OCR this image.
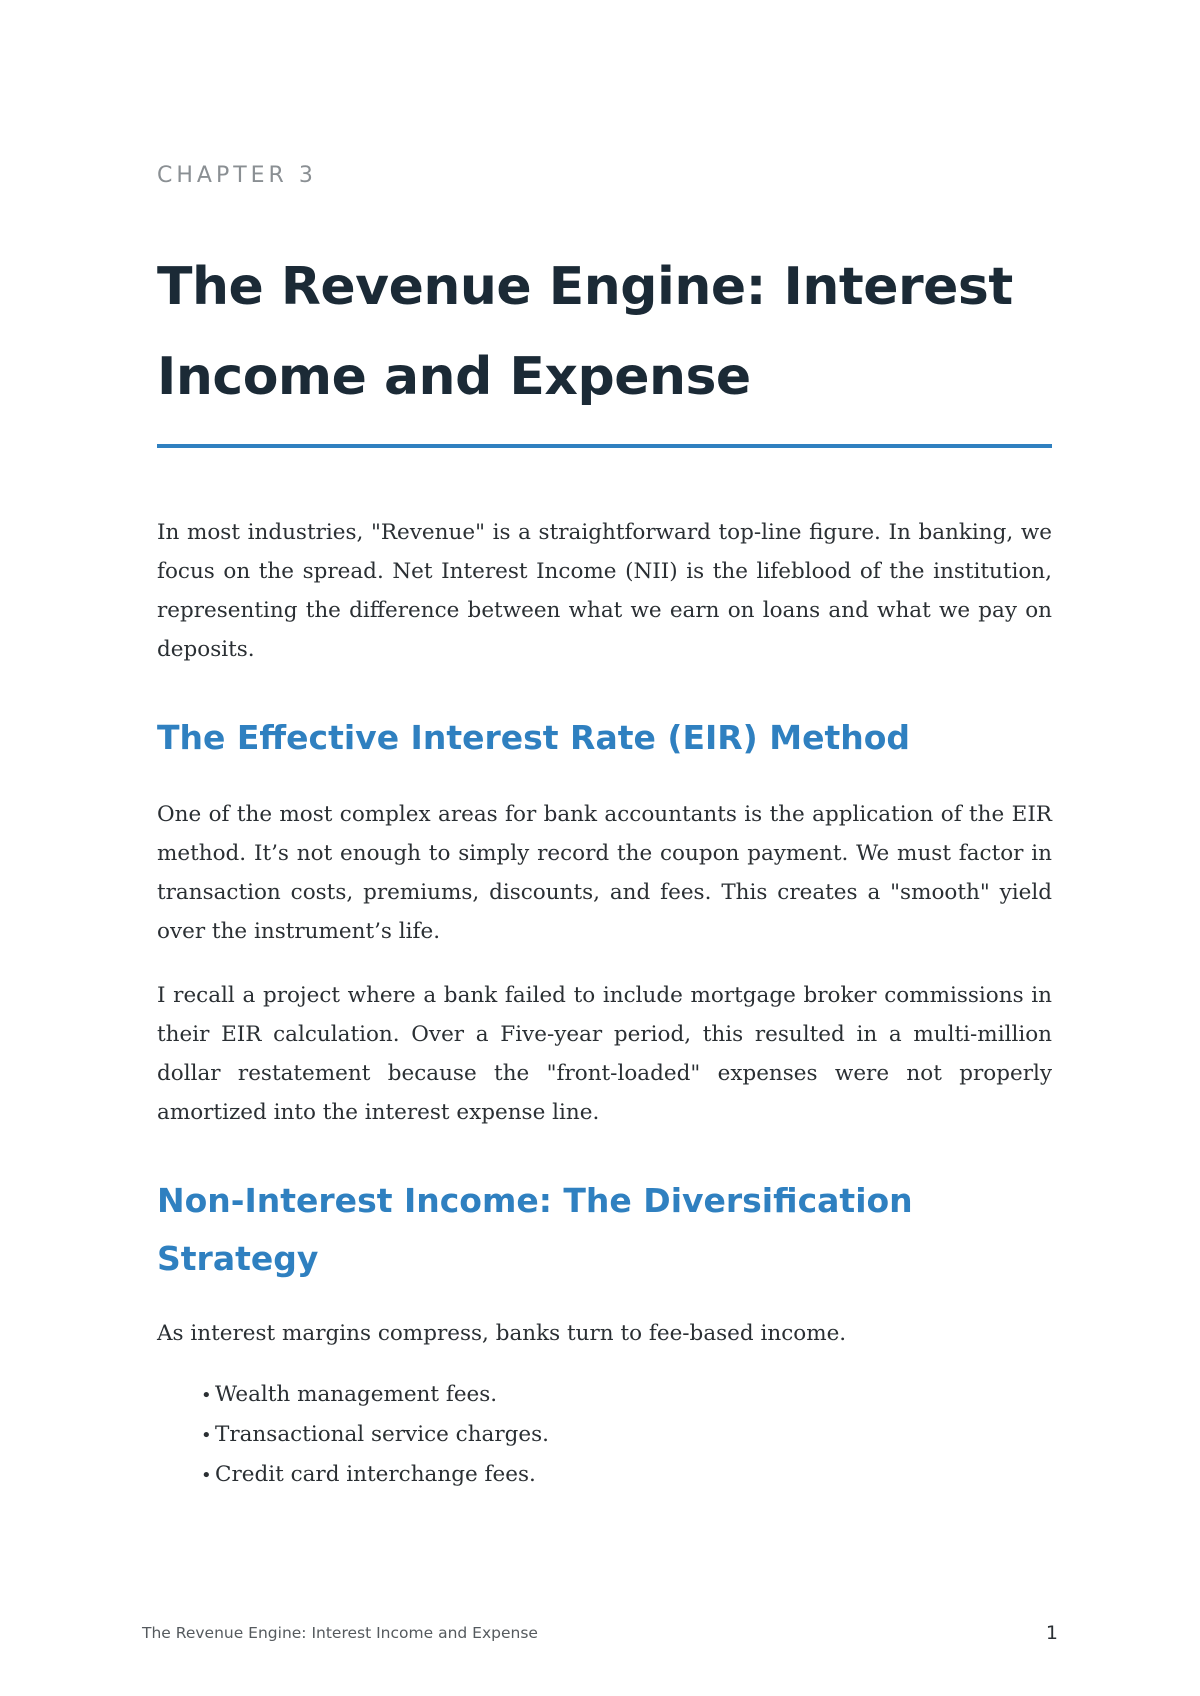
CHAPTER 3

The Revenue Engine: Interest Income and Expense

In most industries, "Revenue" is a straightforward top-line figure. In banking, we focus on the spread. Net Interest Income (NII) is the lifeblood of the institution, representing the difference between what we earn on loans and what we pay on deposits.

The Effective Interest Rate (EIR) Method

One of the most complex areas for bank accountants is the application of the EIR method. It’s not enough to simply record the coupon payment. We must factor in transaction costs, premiums, discounts, and fees. This creates a "smooth" yield over the instrument’s life.

I recall a project where a bank failed to include mortgage broker commissions in their EIR calculation. Over a Five-year period, this resulted in a multi-million dollar restatement because the "front-loaded" expenses were not properly amortized into the interest expense line.

Non-Interest Income: The Diversification Strategy

As interest margins compress, banks turn to fee-based income.

• Wealth management fees.
• Transactional service charges.
• Credit card interchange fees.
The Revenue Engine: Interest Income and Expense	1
